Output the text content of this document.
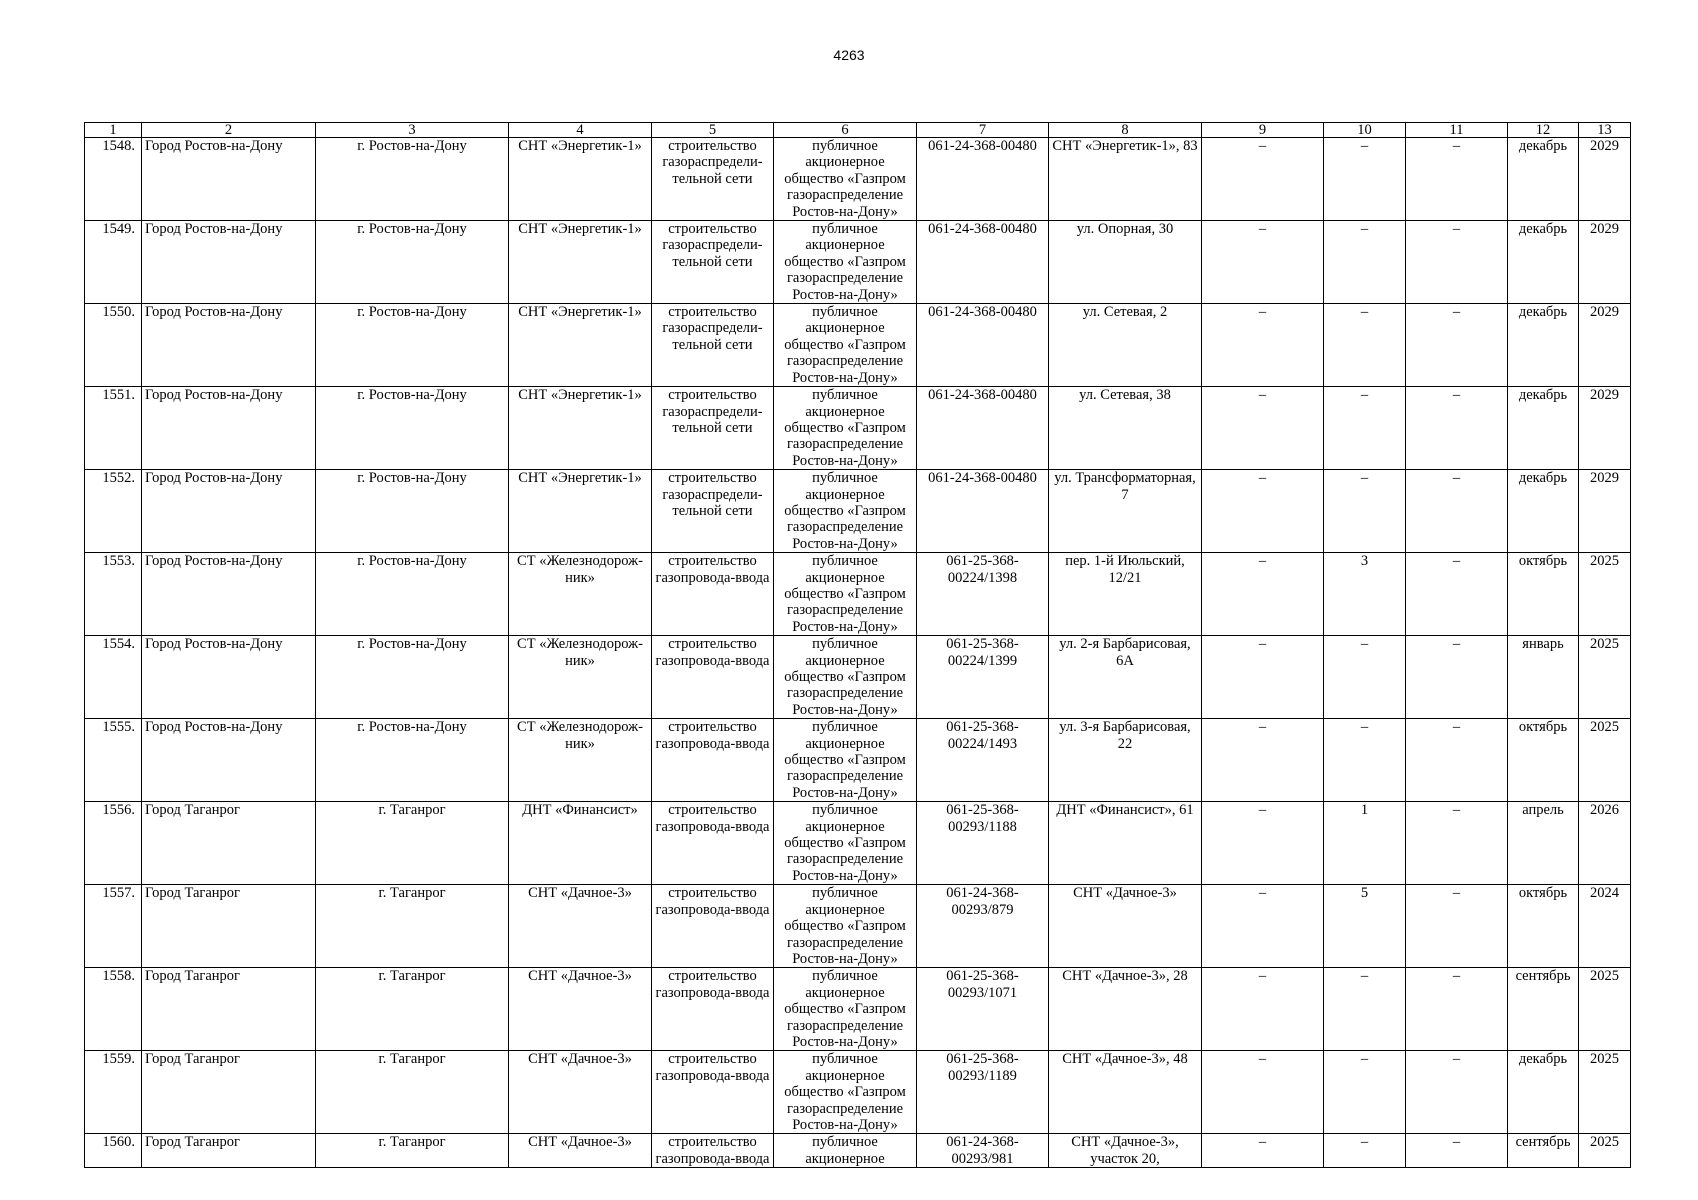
4263
1	2	3	4	5	6	7	8	9	10	11	12	13
1548.	Город Ростов-на-Дону	г. Ростов-на-Дону	СНТ «Энергетик-1»	строительство газораспредели-тельной сети	публичное акционерное общество «Газпром газораспределение Ростов-на-Дону»	061-24-368-00480	СНТ «Энергетик-1», 83	–	–	–	декабрь	2029
1549.	Город Ростов-на-Дону	г. Ростов-на-Дону	СНТ «Энергетик-1»	строительство газораспредели-тельной сети	публичное акционерное общество «Газпром газораспределение Ростов-на-Дону»	061-24-368-00480	ул. Опорная, 30	–	–	–	декабрь	2029
1550.	Город Ростов-на-Дону	г. Ростов-на-Дону	СНТ «Энергетик-1»	строительство газораспредели-тельной сети	публичное акционерное общество «Газпром газораспределение Ростов-на-Дону»	061-24-368-00480	ул. Сетевая, 2	–	–	–	декабрь	2029
1551.	Город Ростов-на-Дону	г. Ростов-на-Дону	СНТ «Энергетик-1»	строительство газораспредели-тельной сети	публичное акционерное общество «Газпром газораспределение Ростов-на-Дону»	061-24-368-00480	ул. Сетевая, 38	–	–	–	декабрь	2029
1552.	Город Ростов-на-Дону	г. Ростов-на-Дону	СНТ «Энергетик-1»	строительство газораспредели-тельной сети	публичное акционерное общество «Газпром газораспределение Ростов-на-Дону»	061-24-368-00480	ул. Трансформаторная, 7	–	–	–	декабрь	2029
1553.	Город Ростов-на-Дону	г. Ростов-на-Дону	СТ «Железнодорож-ник»	строительство газопровода-ввода	публичное акционерное общество «Газпром газораспределение Ростов-на-Дону»	061-25-368-00224/1398	пер. 1-й Июльский, 12/21	–	3	–	октябрь	2025
1554.	Город Ростов-на-Дону	г. Ростов-на-Дону	СТ «Железнодорож-ник»	строительство газопровода-ввода	публичное акционерное общество «Газпром газораспределение Ростов-на-Дону»	061-25-368-00224/1399	ул. 2-я Барбарисовая, 6А	–	–	–	январь	2025
1555.	Город Ростов-на-Дону	г. Ростов-на-Дону	СТ «Железнодорож-ник»	строительство газопровода-ввода	публичное акционерное общество «Газпром газораспределение Ростов-на-Дону»	061-25-368-00224/1493	ул. 3-я Барбарисовая, 22	–	–	–	октябрь	2025
1556.	Город Таганрог	г. Таганрог	ДНТ «Финансист»	строительство газопровода-ввода	публичное акционерное общество «Газпром газораспределение Ростов-на-Дону»	061-25-368-00293/1188	ДНТ «Финансист», 61	–	1	–	апрель	2026
1557.	Город Таганрог	г. Таганрог	СНТ «Дачное-3»	строительство газопровода-ввода	публичное акционерное общество «Газпром газораспределение Ростов-на-Дону»	061-24-368-00293/879	СНТ «Дачное-3»	–	5	–	октябрь	2024
1558.	Город Таганрог	г. Таганрог	СНТ «Дачное-3»	строительство газопровода-ввода	публичное акционерное общество «Газпром газораспределение Ростов-на-Дону»	061-25-368-00293/1071	СНТ «Дачное-3», 28	–	–	–	сентябрь	2025
1559.	Город Таганрог	г. Таганрог	СНТ «Дачное-3»	строительство газопровода-ввода	публичное акционерное общество «Газпром газораспределение Ростов-на-Дону»	061-25-368-00293/1189	СНТ «Дачное-3», 48	–	–	–	декабрь	2025
1560.	Город Таганрог	г. Таганрог	СНТ «Дачное-3»	строительство газопровода-ввода	публичное акционерное	061-24-368-00293/981	СНТ «Дачное-3», участок 20,	–	–	–	сентябрь	2025
